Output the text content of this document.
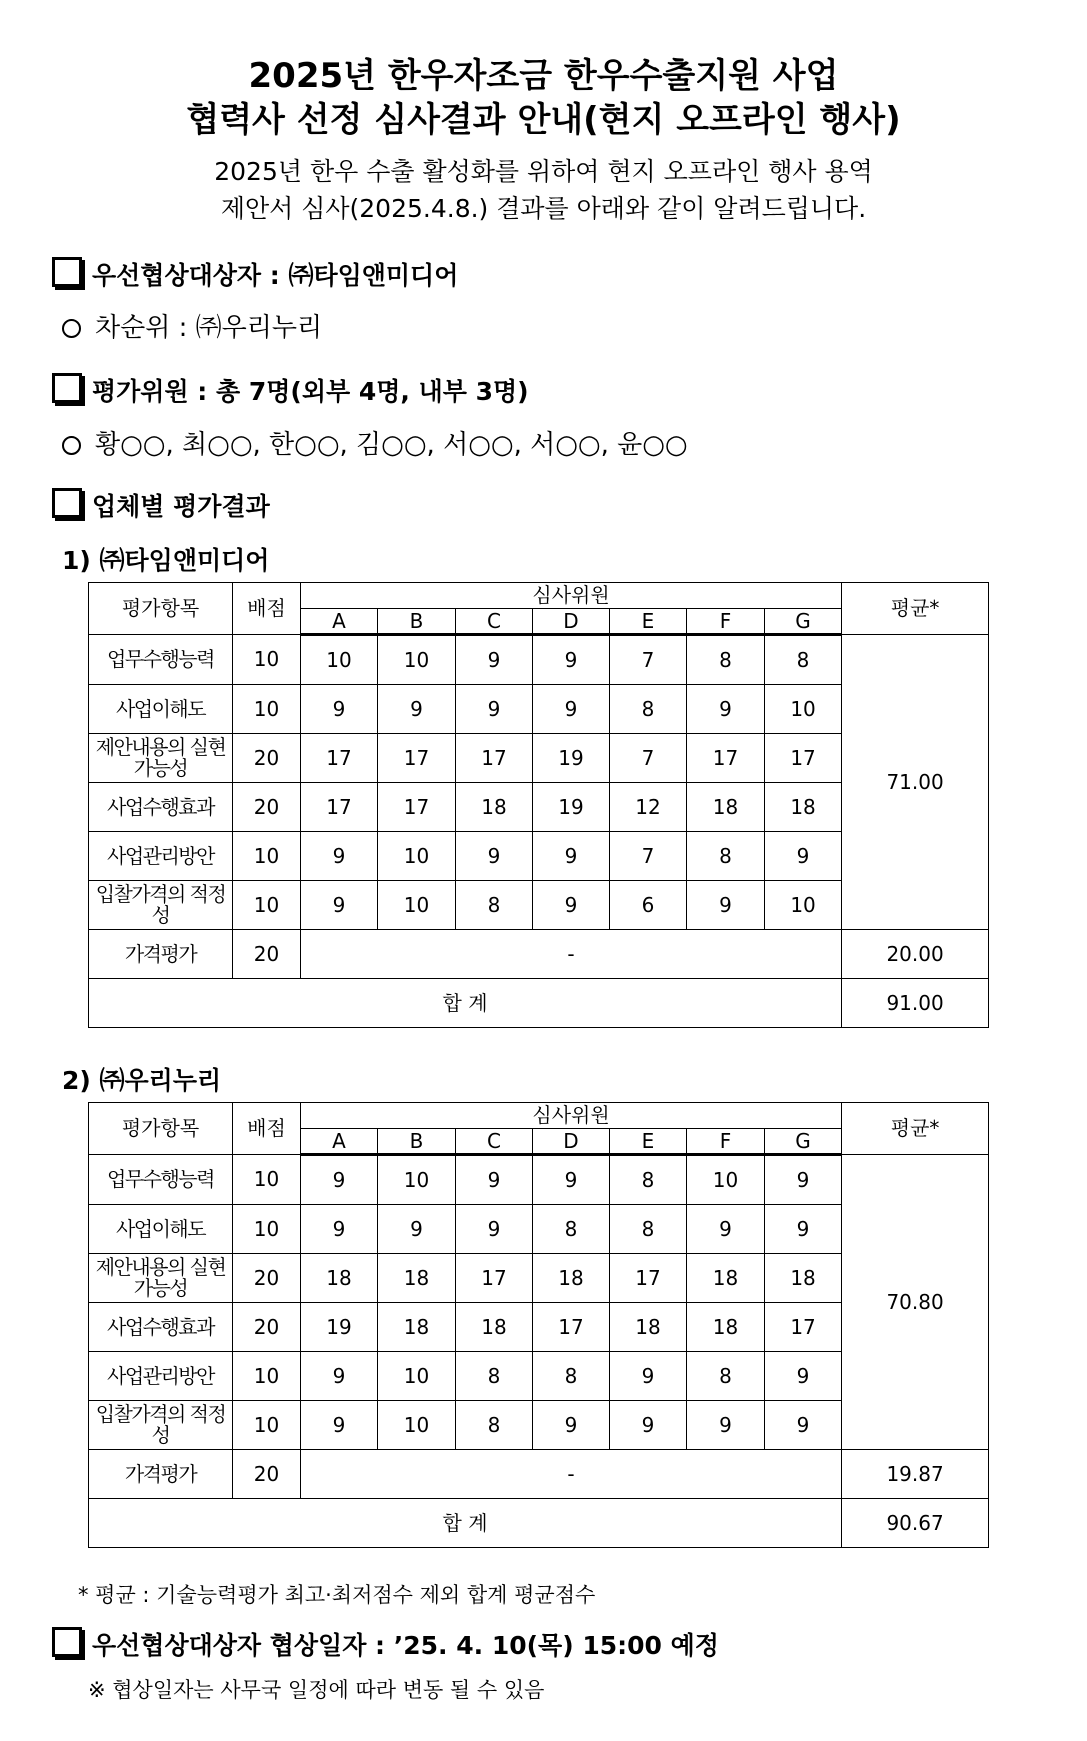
2025년 한우자조금 한우수출지원 사업
협력사 선정 심사결과 안내(현지 오프라인 행사)
2025년 한우 수출 활성화를 위하여 현지 오프라인 행사 용역
제안서 심사(2025.4.8.) 결과를 아래와 같이 알려드립니다.
우선협상대상자 : ㈜타임앤미디어
차순위 : ㈜우리누리
평가위원 : 총 7명(외부 4명, 내부 3명)
황○○, 최○○, 한○○, 김○○, 서○○, 서○○, 윤○○
업체별 평가결과
1) ㈜타임앤미디어
평가항목	배점	심사위원							평균*
		A	B	C	D	E	F	G	
업무수행능력	10	10	10	9	9	7	8	8	71.00
사업이해도	10	9	9	9	9	8	9	10	
제안내용의 실현가능성	20	17	17	17	19	7	17	17	
사업수행효과	20	17	17	18	19	12	18	18	
사업관리방안	10	9	10	9	9	7	8	9	
입찰가격의 적정성	10	9	10	8	9	6	9	10	
가격평가	20	-							20.00
합 계									91.00
2) ㈜우리누리
평가항목	배점	심사위원							평균*
		A	B	C	D	E	F	G	
업무수행능력	10	9	10	9	9	8	10	9	70.80
사업이해도	10	9	9	9	8	8	9	9	
제안내용의 실현가능성	20	18	18	17	18	17	18	18	
사업수행효과	20	19	18	18	17	18	18	17	
사업관리방안	10	9	10	8	8	9	8	9	
입찰가격의 적정성	10	9	10	8	9	9	9	9	
가격평가	20	-							19.87
합 계									90.67
* 평균 : 기술능력평가 최고·최저점수 제외 합계 평균점수
우선협상대상자 협상일자 : ’25. 4. 10(목) 15:00 예정
※ 협상일자는 사무국 일정에 따라 변동 될 수 있음
